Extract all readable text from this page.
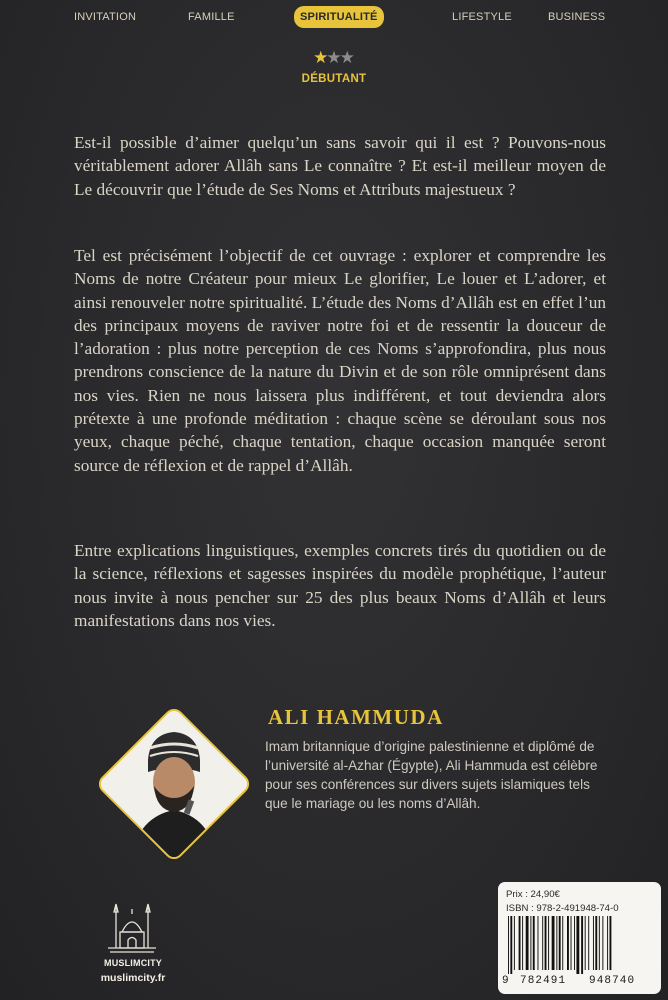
INVITATION	FAMILLE	SPIRITUALITÉ	LIFESTYLE	BUSINESS
★★★
DÉBUTANT

Est-il possible d’aimer quelqu’un sans savoir qui il est ? Pouvons-nous véritablement adorer Allâh sans Le connaître ? Et est-il meilleur moyen de Le découvrir que l’étude de Ses Noms et Attributs majestueux ?

Tel est précisément l’objectif de cet ouvrage : explorer et comprendre les Noms de notre Créateur pour mieux Le glorifier, Le louer et L’adorer, et ainsi renouveler notre spiritualité. L’étude des Noms d’Allâh est en effet l’un des principaux moyens de raviver notre foi et de ressentir la douceur de l’adoration : plus notre perception de ces Noms s’approfondira, plus nous prendrons conscience de la nature du Divin et de son rôle omniprésent dans nos vies. Rien ne nous laissera plus indifférent, et tout deviendra alors prétexte à une profonde méditation : chaque scène se déroulant sous nos yeux, chaque péché, chaque tentation, chaque occasion manquée seront source de réflexion et de rappel d’Allâh.

Entre explications linguistiques, exemples concrets tirés du quotidien ou de la science, réflexions et sagesses inspirées du modèle prophétique, l’auteur nous invite à nous pencher sur 25 des plus beaux Noms d’Allâh et leurs manifestations dans nos vies.

ALI HAMMUDA

Imam britannique d’origine palestinienne et diplômé de l’université al-Azhar (Égypte), Ali Hammuda est célèbre pour ses conférences sur divers sujets islamiques tels que le mariage ou les noms d’Allâh.

MUSLIMCITY
muslimcity.fr
Prix : 24,90€
ISBN : 978-2-491948-74-0
9 782491 948740
